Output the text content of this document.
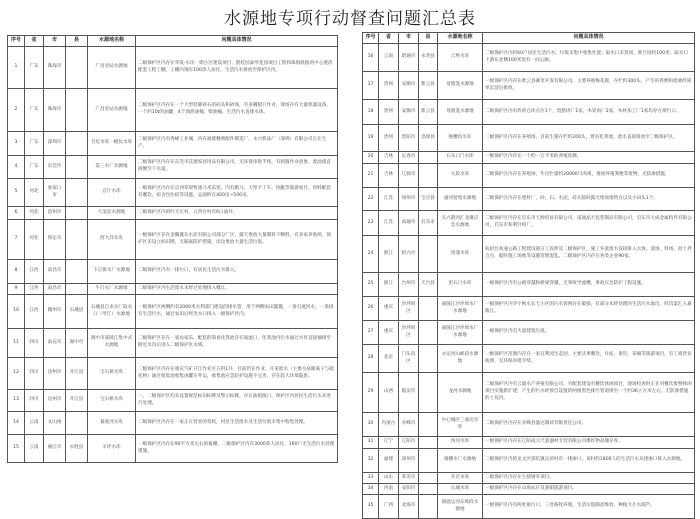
水源地专项行动督查问题汇总表
序号	省	市	县	水源地名称	问题具体情况
1	广东	珠海市		广昌泵站水源地	二级保护区内存在华发·水岸一期小区建设项目，鹊桂园泰琴花园项目工程和珠海跌路湾中心港湾配套工程工棚，工棚内现有100余人居住，生活污水排放至保护区内。
2	广东	珠海市		广昌泵站水源地	二级保护区内存在一个大型装卸砂石的码头和砂场，有多艘船只作业，现场存有大量机器设备，一个约10t的油罐，4个润滑油桶，柴油桶，生活污水直排水体。
3	广东	深圳市		甘坑水库一级抗水库	二级保护区内有秀峰工业城，内有福群精密配件制造厂，永兴机品厂（深圳）有限公司正在生产。
4	广东	东莞市		第三水厂水源地	二级保护区内存在东莞市沃德家居用品有限公司，无环保审批手续，有损毁作业迹象，废油漆直接倒至下水道。
5	河北	张家口市		官厅水库	一级保护区内存在京西草原牧旅马术乐苑，内有跑马，大型卡丁车，快艇等旅游项目，饲料配套有餐饮，宿舍包住宿等设施，总面积在400亩~500亩。
6	河北	沧州市		大浪淀水源地	二级保护区内的叶辛庄村、五四台村有6口油井。
7	河北	保定市		西大洋水库	一级保护区存在金隅冀东水泥有限公司部分厂区，露天堆放大量制料下颗料，有多家养殖场，保护区未设立标识牌，无隔离防护措施，岸边堆放大量生活垃圾。
8	江西	南昌市		下正街水厂水源地	二级保护区内有一排污口，有居民生活污水排入。
9	江西	南昌市		牛行水厂水源地	二级保护区内生活废水未经过处理排入赣江。
10	江西	赣州市	石城县	石城县自来水厂取水口（琴江）水源地	一级保护区两侧约有2000米水利部门建设的排水管，用于两侧农田灌溉，一条引流河水，一条排有生活污水，通过农田后经出水口排入一级保护区内。
11	四川	南充市	阆中市	阆中市嘉陵江集中式水源地	二级保护区存在一家农家乐，配套的简易化粪池存在溢流口，化粪池内污水通过水泵直接抽排至附近水沟后进入二级保护区水域。
12	四川	达州市	开江县	宝石桥水库	二级保护区内存在重庆气矿开江作业区五科1井，目前仍在作业。开采废水（主要为泉眼离子与硫化物）通过收集池收集由罐车外运，收集池应急防护设施不完善，存在较大环境隐患。
13	四川	达州市	开江县	宝石桥水库	一、二级保护区均未设置规范标识标牌及警示标牌，存在油船渡口，保护区内居民生活污水未进行处理。
14	云南	文山州		暮底河水库	二级保护区内存在一家正在营业的驾校，村民生活废水及生活垃圾未集中收集处理。
15	云南	丽江市	永胜县	羊坪水库	一级保护区内存在90平方米左右的畜棚，二级保护区内有3000余人居住，160户无生活污水处理措施。
序号	省	市	县	水源地名称	问题具体情况
16	云南	昭通市	永善县	云界水库	二级保护区内约60户居民生活污水，垃圾未集中收集处置；取水口未封闭，距厅园约100米；取水口上游东北侧100米处有一间公厕。
17	贵州	安顺市	紫云县	母猪笼水源地	一级保护区内存在紫云县赛金开发有限公司，主要养殖梅花鹿，存栏约300头，产生的粪便和废液经简单沉淀后排放。
18	贵州	安顺市	紫云县	母猪笼水源地	二级保护区内有炸药仓库点位1个，烧猪肉厂1家，木炭肉厂2家，木材加工厂1家均存在排污口。
19	贵州	贵阳市	息烽县	枧槽沟水库	二级保护区内存在养殖场，目前生猪存栏约200头，建有化粪池，废水直接排放至二级保护区。
20	吉林	长春市		石头口门水库	一级保护区内存在一个约一万平米的养殖鱼塘。
21	吉林	辽源市		大段水库	二级保护区内存在养殖场，年出栏量约20000只肉鸡，堆放养殖粪便等废物，无防渗措施。
22	江苏	扬州市	宝应县	潼河留集水源地	二级保护区内存在建材厂，砂、石、水泥、砖瓦临时露天堆放销售点以及小码头1个。
23	江苏	南通市	启东市	头兴港河汇龙镇应急水源地	二级保护区内存在启东市天源贸易有限公司，南通晶天包装制品有限公司，启东市大成金属构件有限公司，启东市和利针织厂。
24	浙江	绍兴市		汤浦水库	杭绍台高速公路工程建设部分工段涉及二级保护区，施工弃洗废水直接排入水体，渣场，料场，沥土拌合点，临时施工场地等设施管理混乱。二级保护区内存在各类企业90家。
25	浙江	台州市	天台县	里石门水库	一级保护区内有公路穿越和桥梁穿越，无事故导流槽，事故应急防护工程设施。
26	重庆	沙坪坝区		嘉陵江沙坪坝水厂水源地	一级保护区内华宇秋水长天小区的污水管网存在破损，有部分未经处理的生活污水溢出，经沟渠汇入嘉陵江。
27	重庆	沙坪坝区		嘉陵江沙坪坝水厂水源地	一级保护区内有大量建筑垃圾。
28	北京	门头沟区		永定河山峡段水源地	一级保护区范围内存在一家宜利园生态园，主要从事餐饮，住宿，垂钓，采摘等旅游项目，有工商营业执照，无环保审批手续。
29	山西	临汾市		龙河水源地	二级保护区内有云盛水产养殖有限公司，另配套建设有餐饮休闲项目，现场检查时正在对餐饮废物休闲项目实施新扩建，产生的污水经预自设置的两根黑色排污管道排至一个约36立方米左右，无防渗措施的土坑内。
30	内蒙古	赤峰市		中心城区三座店水库	二级保护区内存在赤峰县盛达制砖有限责任公司。
31	辽宁	辽阳市		汤河水库	一级保护区内存在辽阳成元尺瓷器材专营有限公司爆炸物品储存库。
32	福建	漳州市		端棚水厂水源地	二级保护区内的龙文区郭坑镇岳滨村有一排渗口，该村约1800人的生活污水从排渗口排入水源地。
33	山东	莱芜市		乔店水库	二级保护区内存在生猪屠宰项目。
34	河南	安阳市		岳城水库	一级保护区内存在山海农庄及游船旅游项目。
35	广西	北海市		洞庭运河东岭段水源地	一级保护区内有两处排污口，三处畜牧养殖，生活垃圾随意堆放，种植大片水葫芦。
